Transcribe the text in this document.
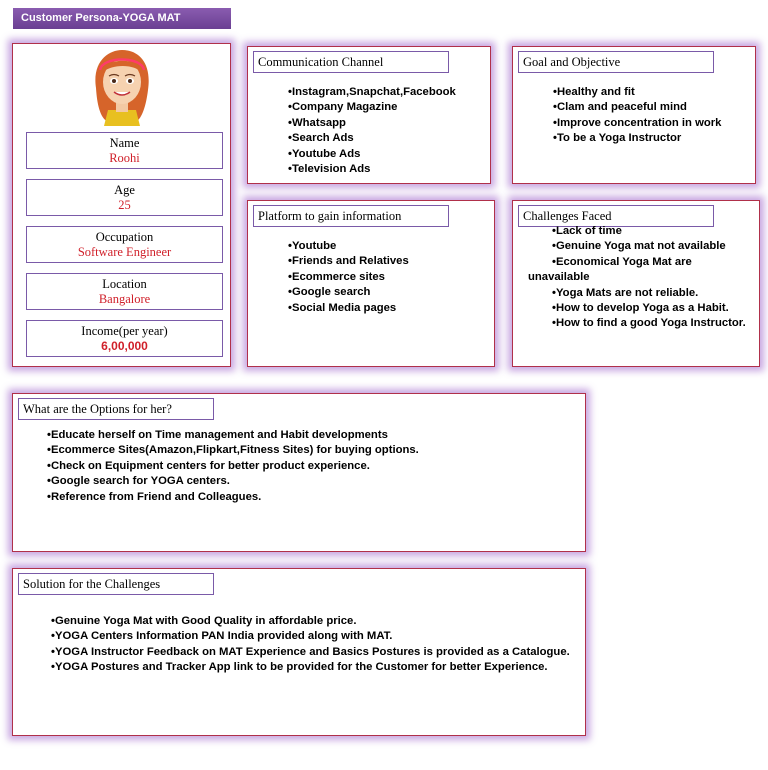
Customer Persona-YOGA MAT
Name
Roohi
Age
25
Occupation
Software Engineer
Location
Bangalore
Income(per year)
6,00,000
Communication Channel
• Instagram,Snapchat,Facebook
• Company Magazine
• Whatsapp
• Search Ads
• Youtube Ads
• Television Ads
Goal and Objective
• Healthy and fit
• Clam and peaceful mind
• Improve concentration in work
• To be a Yoga Instructor
Platform to gain information
• Youtube
• Friends and Relatives
• Ecommerce sites
• Google search
• Social Media pages
Challenges Faced
•Lack of time
•Genuine Yoga mat not available
•Economical Yoga Mat are
unavailable
•Yoga Mats are not reliable.
•How to develop Yoga as a Habit.
•How to find a good Yoga Instructor.
What are the Options for her?
• Educate herself on Time management and Habit developments
• Ecommerce Sites(Amazon,Flipkart,Fitness Sites) for buying options.
• Check on Equipment centers for better product experience.
• Google search for YOGA centers.
• Reference from Friend and Colleagues.
Solution for the Challenges
• Genuine Yoga Mat with Good Quality in affordable price.
• YOGA Centers Information PAN India provided along with MAT.
• YOGA Instructor Feedback on MAT Experience and Basics Postures is provided as a Catalogue.
• YOGA Postures and Tracker App link to be provided for the Customer for better Experience.
